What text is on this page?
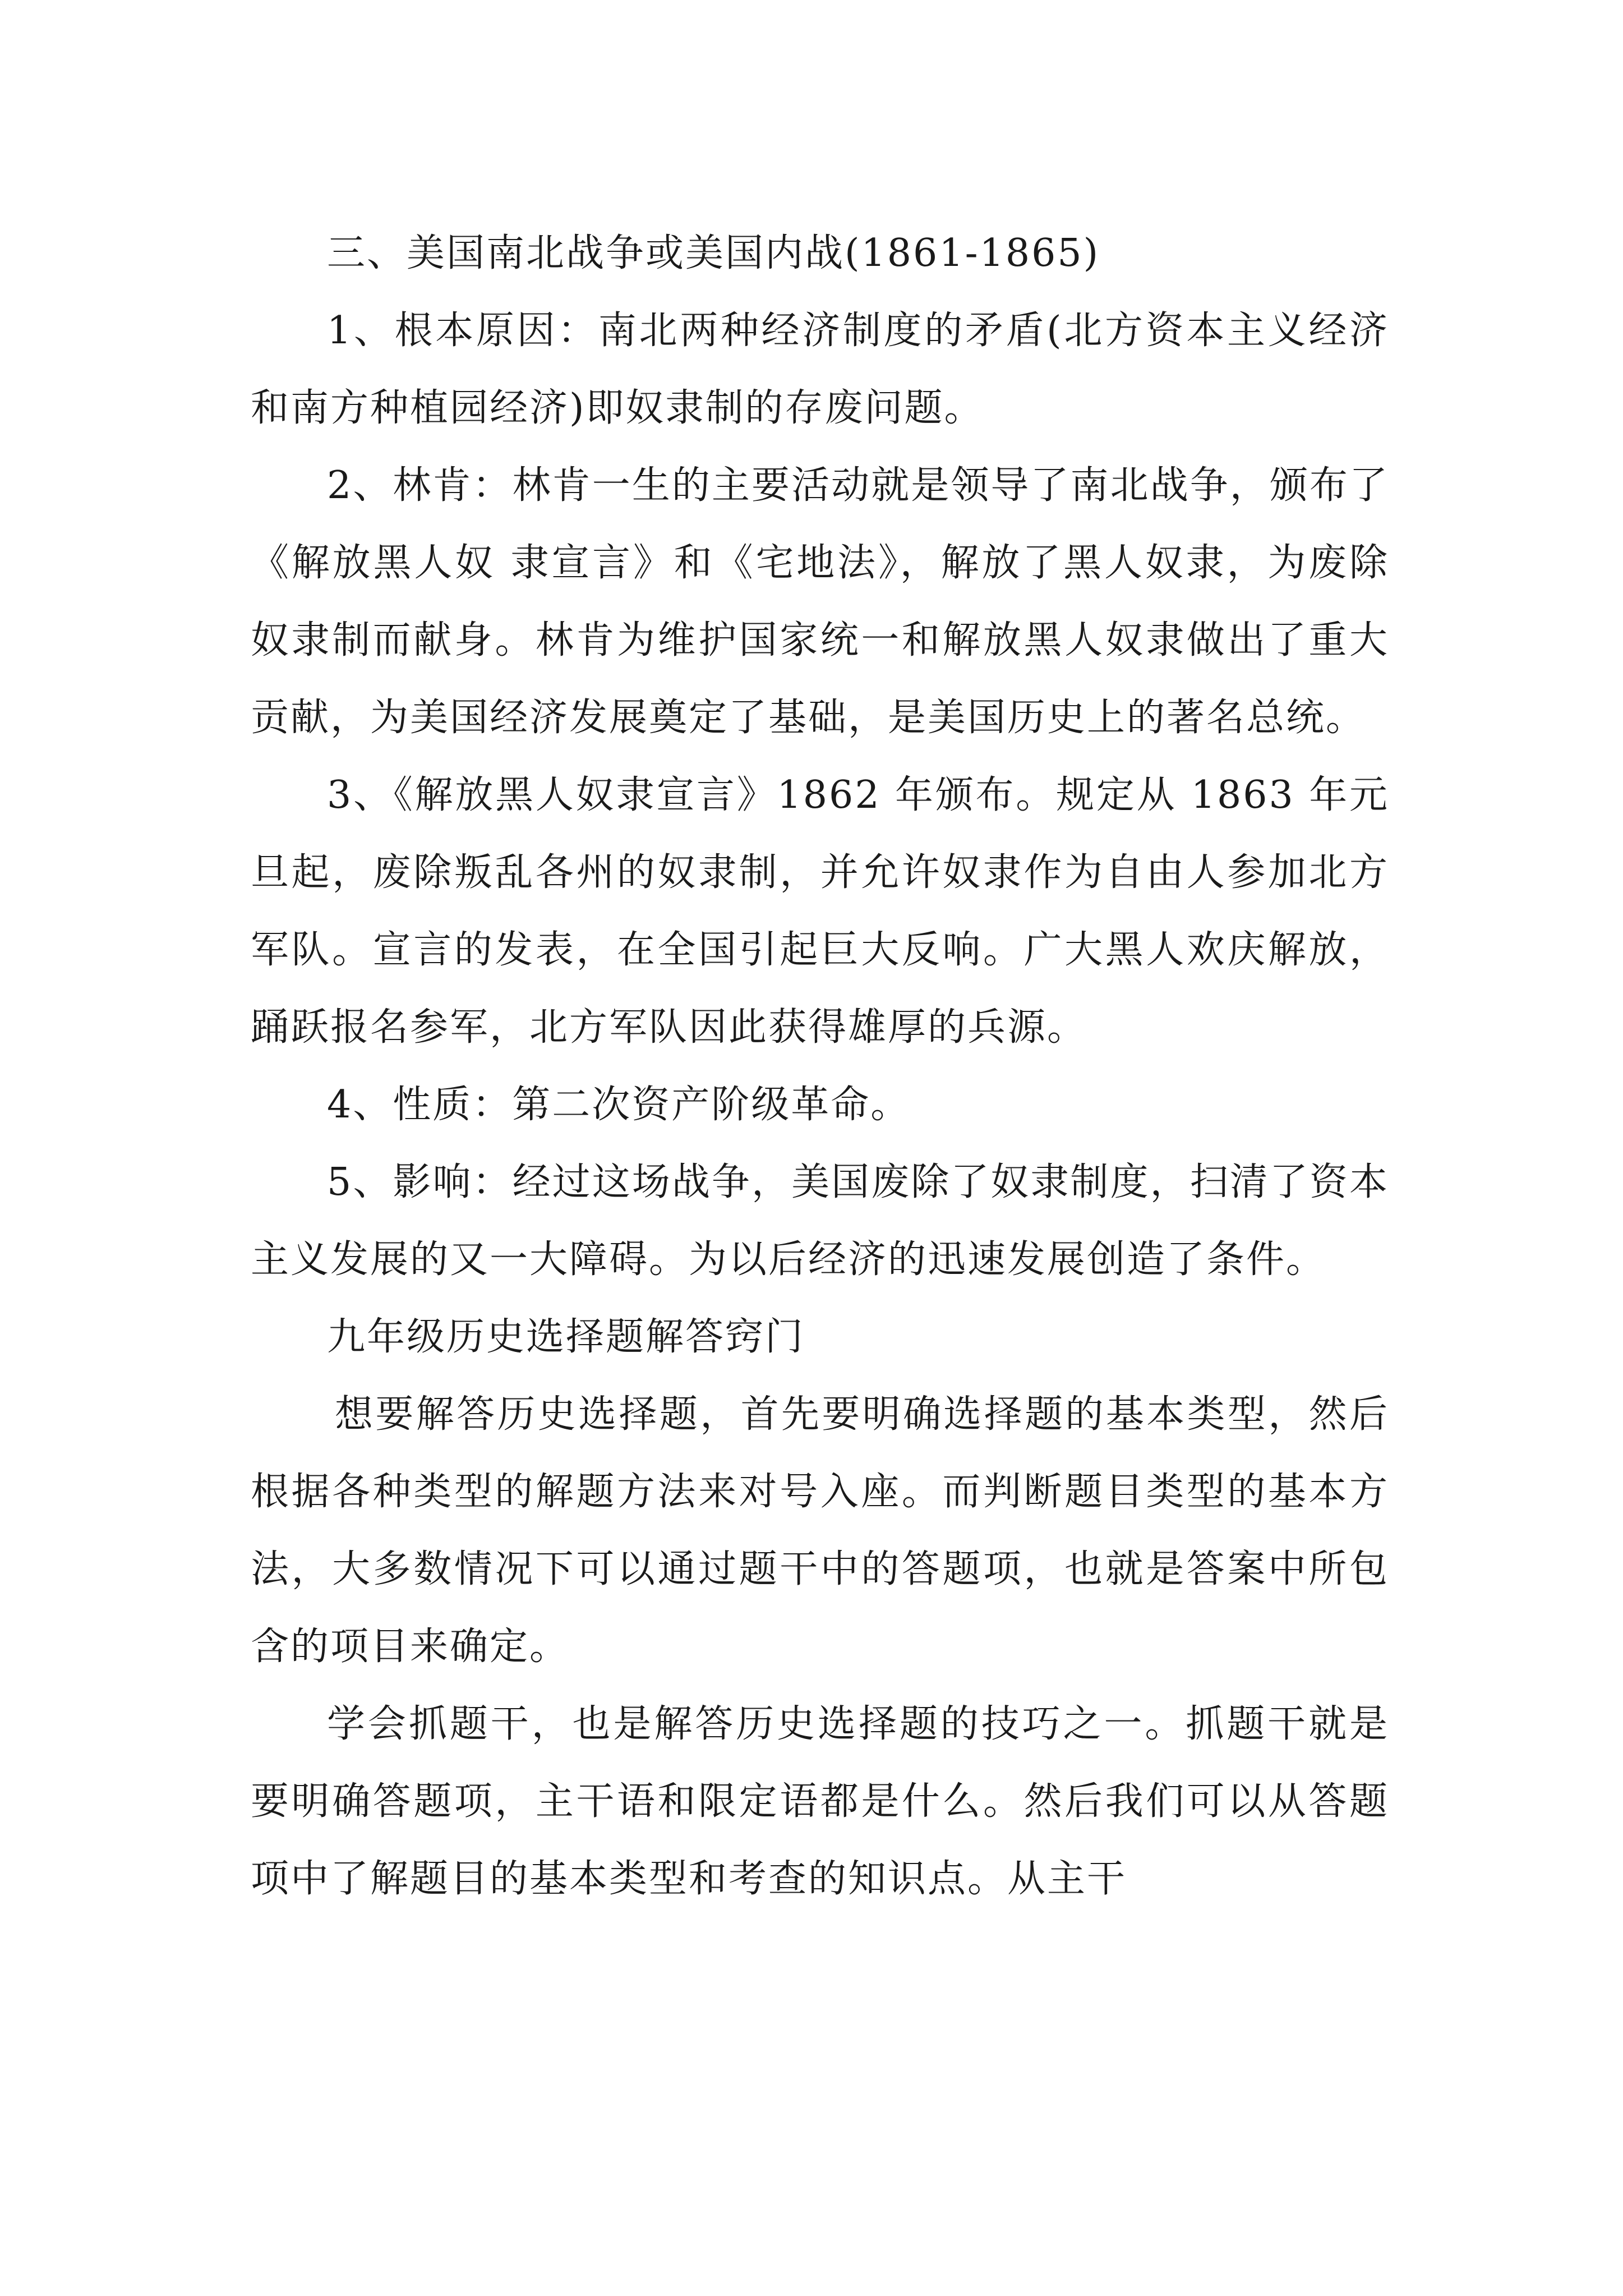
三、美国南北战争或美国内战(1861-1865)

1、根本原因：南北两种经济制度的矛盾(北方资本主义经济和南方种植园经济)即奴隶制的存废问题。

2、林肯：林肯一生的主要活动就是领导了南北战争，颁布了《解放黑人奴 隶宣言》和《宅地法》，解放了黑人奴隶，为废除奴隶制而献身。林肯为维护国家统一和解放黑人奴隶做出了重大贡献，为美国经济发展奠定了基础，是美国历史上的著名总统。

3、《解放黑人奴隶宣言》1862 年颁布。规定从 1863 年元旦起，废除叛乱各州的奴隶制，并允许奴隶作为自由人参加北方军队。宣言的发表，在全国引起巨大反响。广大黑人欢庆解放，踊跃报名参军，北方军队因此获得雄厚的兵源。

4、性质：第二次资产阶级革命。

5、影响：经过这场战争，美国废除了奴隶制度，扫清了资本主义发展的又一大障碍。为以后经济的迅速发展创造了条件。

九年级历史选择题解答窍门

想要解答历史选择题，首先要明确选择题的基本类型，然后根据各种类型的解题方法来对号入座。而判断题目类型的基本方法，大多数情况下可以通过题干中的答题项，也就是答案中所包含的项目来确定。

学会抓题干，也是解答历史选择题的技巧之一。抓题干就是要明确答题项，主干语和限定语都是什么。然后我们可以从答题项中了解题目的基本类型和考查的知识点。从主干
